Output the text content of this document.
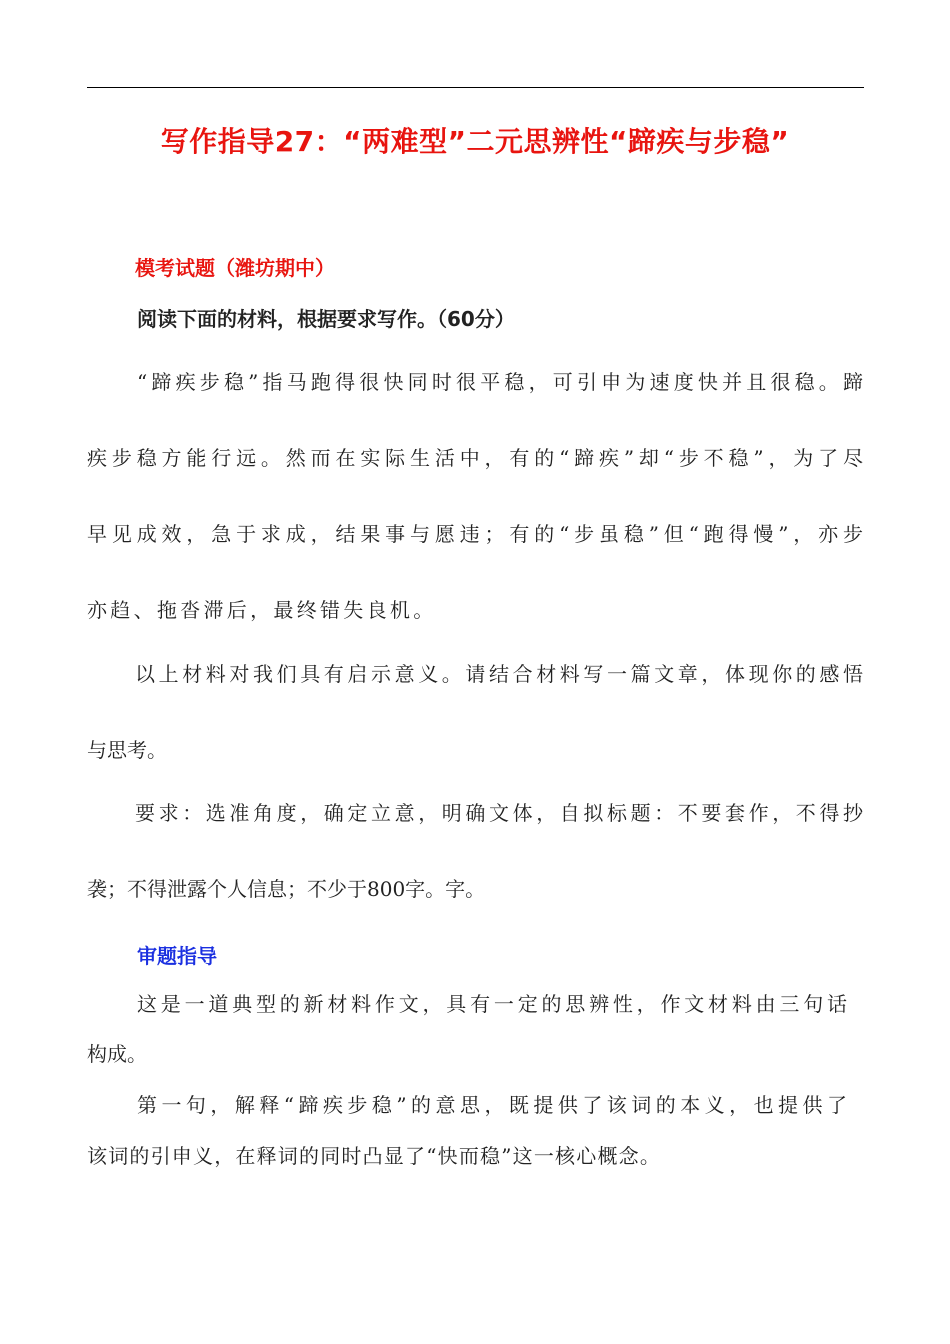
写作指导27：“两难型”二元思辨性“蹄疾与步稳”
模考试题（潍坊期中）
阅读下面的材料，根据要求写作。（60分）
“蹄疾步稳”指马跑得很快同时很平稳，可引申为速度快并且很稳。蹄
疾步稳方能行远。然而在实际生活中，有的“蹄疾”却“步不稳”，为了尽
早见成效，急于求成，结果事与愿违；有的“步虽稳”但“跑得慢”，亦步
亦趋、拖沓滞后，最终错失良机。
以上材料对我们具有启示意义。请结合材料写一篇文章，体现你的感悟
与思考。
要求：选准角度，确定立意，明确文体，自拟标题：不要套作，不得抄
袭；不得泄露个人信息；不少于800字。字。
审题指导
这是一道典型的新材料作文，具有一定的思辨性，作文材料由三句话
构成。
第一句，解释“蹄疾步稳”的意思，既提供了该词的本义，也提供了
该词的引申义，在释词的同时凸显了“快而稳”这一核心概念。
